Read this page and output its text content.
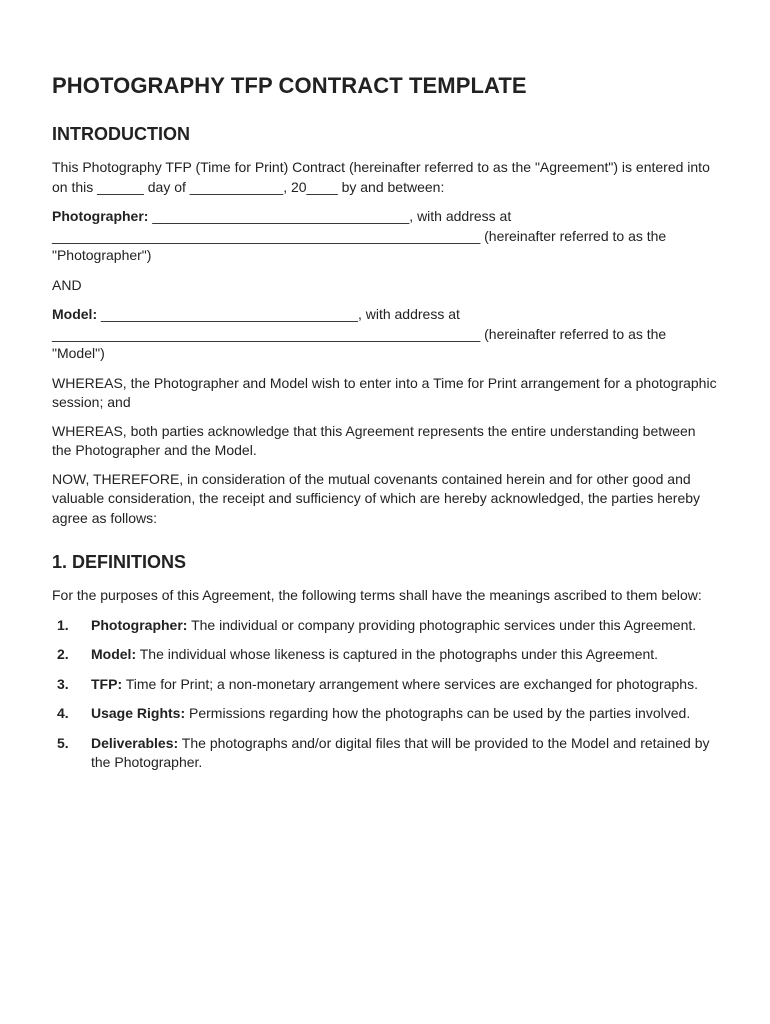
PHOTOGRAPHY TFP CONTRACT TEMPLATE
INTRODUCTION

This Photography TFP (Time for Print) Contract (hereinafter referred to as the "Agreement") is entered into on this ______ day of ____________, 20____ by and between:

Photographer: _________________________________, with address at _______________________________________________________ (hereinafter referred to as the "Photographer")

AND

Model: _________________________________, with address at _______________________________________________________ (hereinafter referred to as the "Model")

WHEREAS, the Photographer and Model wish to enter into a Time for Print arrangement for a photographic session; and

WHEREAS, both parties acknowledge that this Agreement represents the entire understanding between the Photographer and the Model.

NOW, THEREFORE, in consideration of the mutual covenants contained herein and for other good and valuable consideration, the receipt and sufficiency of which are hereby acknowledged, the parties hereby agree as follows:

1. DEFINITIONS

For the purposes of this Agreement, the following terms shall have the meanings ascribed to them below:

1. Photographer: The individual or company providing photographic services under this Agreement.
2. Model: The individual whose likeness is captured in the photographs under this Agreement.
3. TFP: Time for Print; a non-monetary arrangement where services are exchanged for photographs.
4. Usage Rights: Permissions regarding how the photographs can be used by the parties involved.
5. Deliverables: The photographs and/or digital files that will be provided to the Model and retained by the Photographer.
